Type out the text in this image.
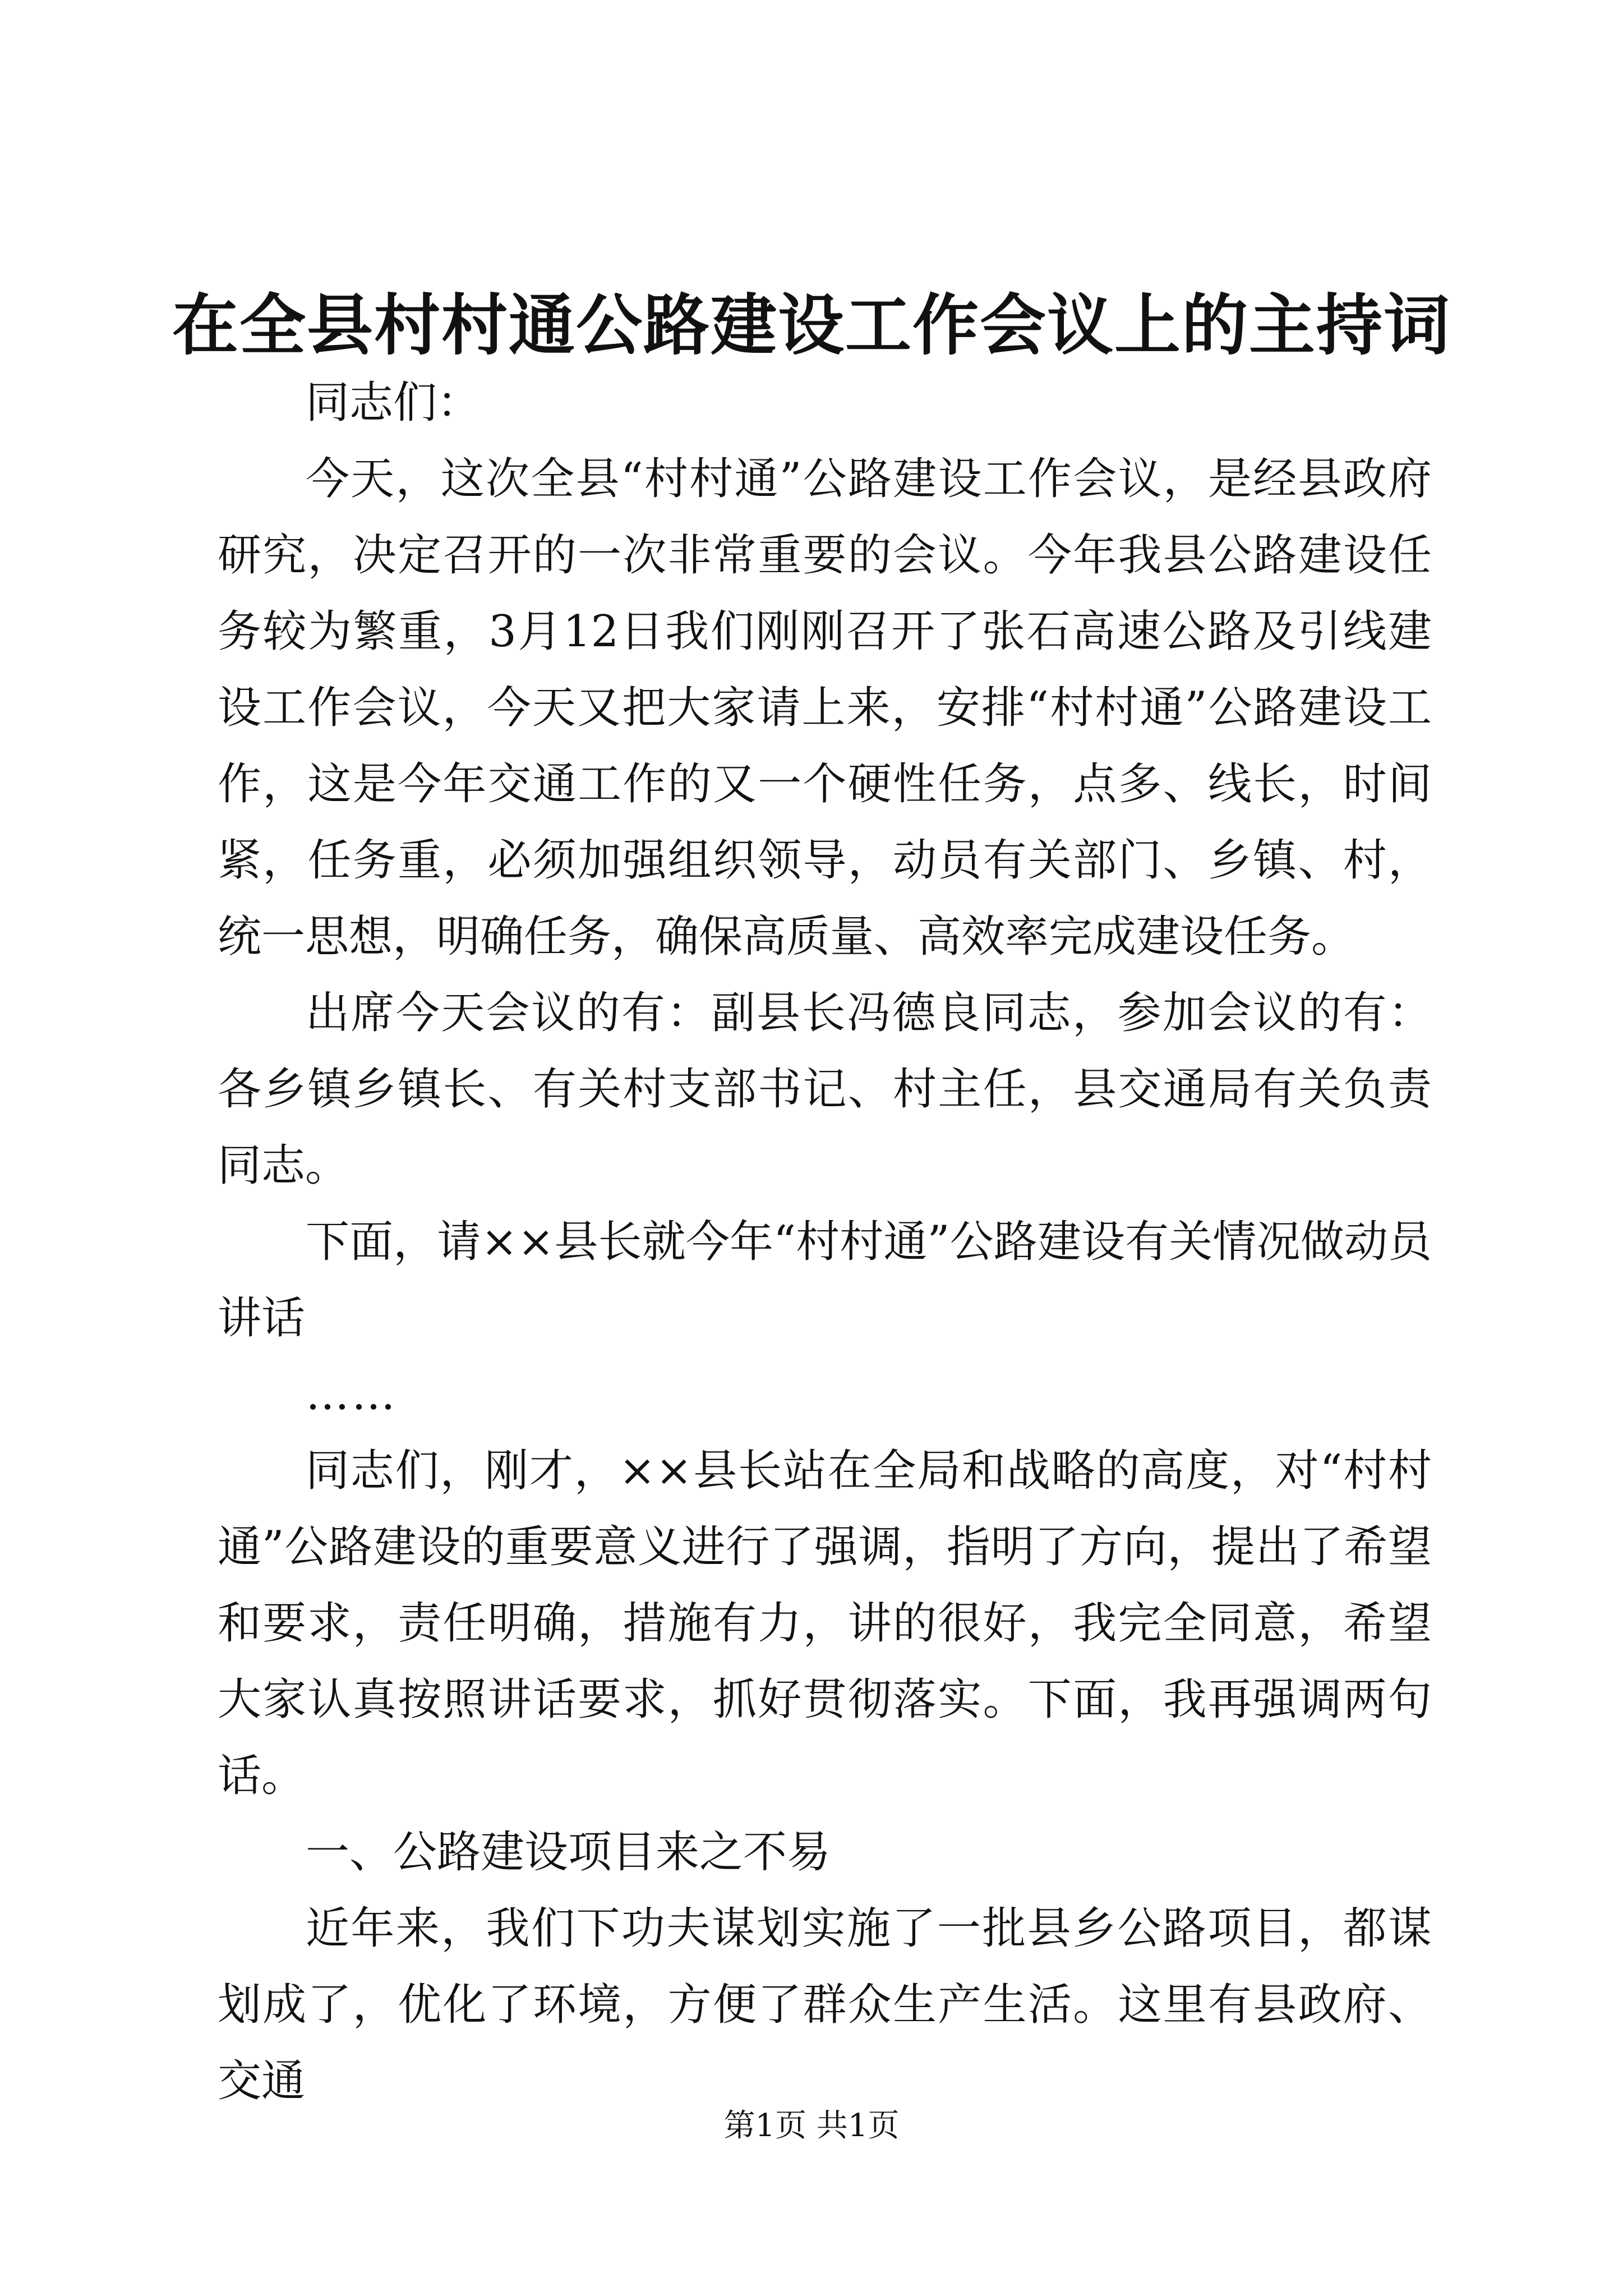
在全县村村通公路建设工作会议上的主持词

同志们：

今天，这次全县“村村通”公路建设工作会议，是经县政府研究，决定召开的一次非常重要的会议。今年我县公路建设任务较为繁重，3月12日我们刚刚召开了张石高速公路及引线建设工作会议，今天又把大家请上来，安排“村村通”公路建设工作，这是今年交通工作的又一个硬性任务，点多、线长，时间紧，任务重，必须加强组织领导，动员有关部门、乡镇、村，统一思想，明确任务，确保高质量、高效率完成建设任务。

出席今天会议的有：副县长冯德良同志，参加会议的有：各乡镇乡镇长、有关村支部书记、村主任，县交通局有关负责同志。

下面，请××县长就今年“村村通”公路建设有关情况做动员讲话

……

同志们，刚才，××县长站在全局和战略的高度，对“村村通”公路建设的重要意义进行了强调，指明了方向，提出了希望和要求，责任明确，措施有力，讲的很好，我完全同意，希望大家认真按照讲话要求，抓好贯彻落实。下面，我再强调两句话。

一、公路建设项目来之不易

近年来，我们下功夫谋划实施了一批县乡公路项目，都谋划成了，优化了环境，方便了群众生产生活。这里有县政府、交通

第1页 共1页
